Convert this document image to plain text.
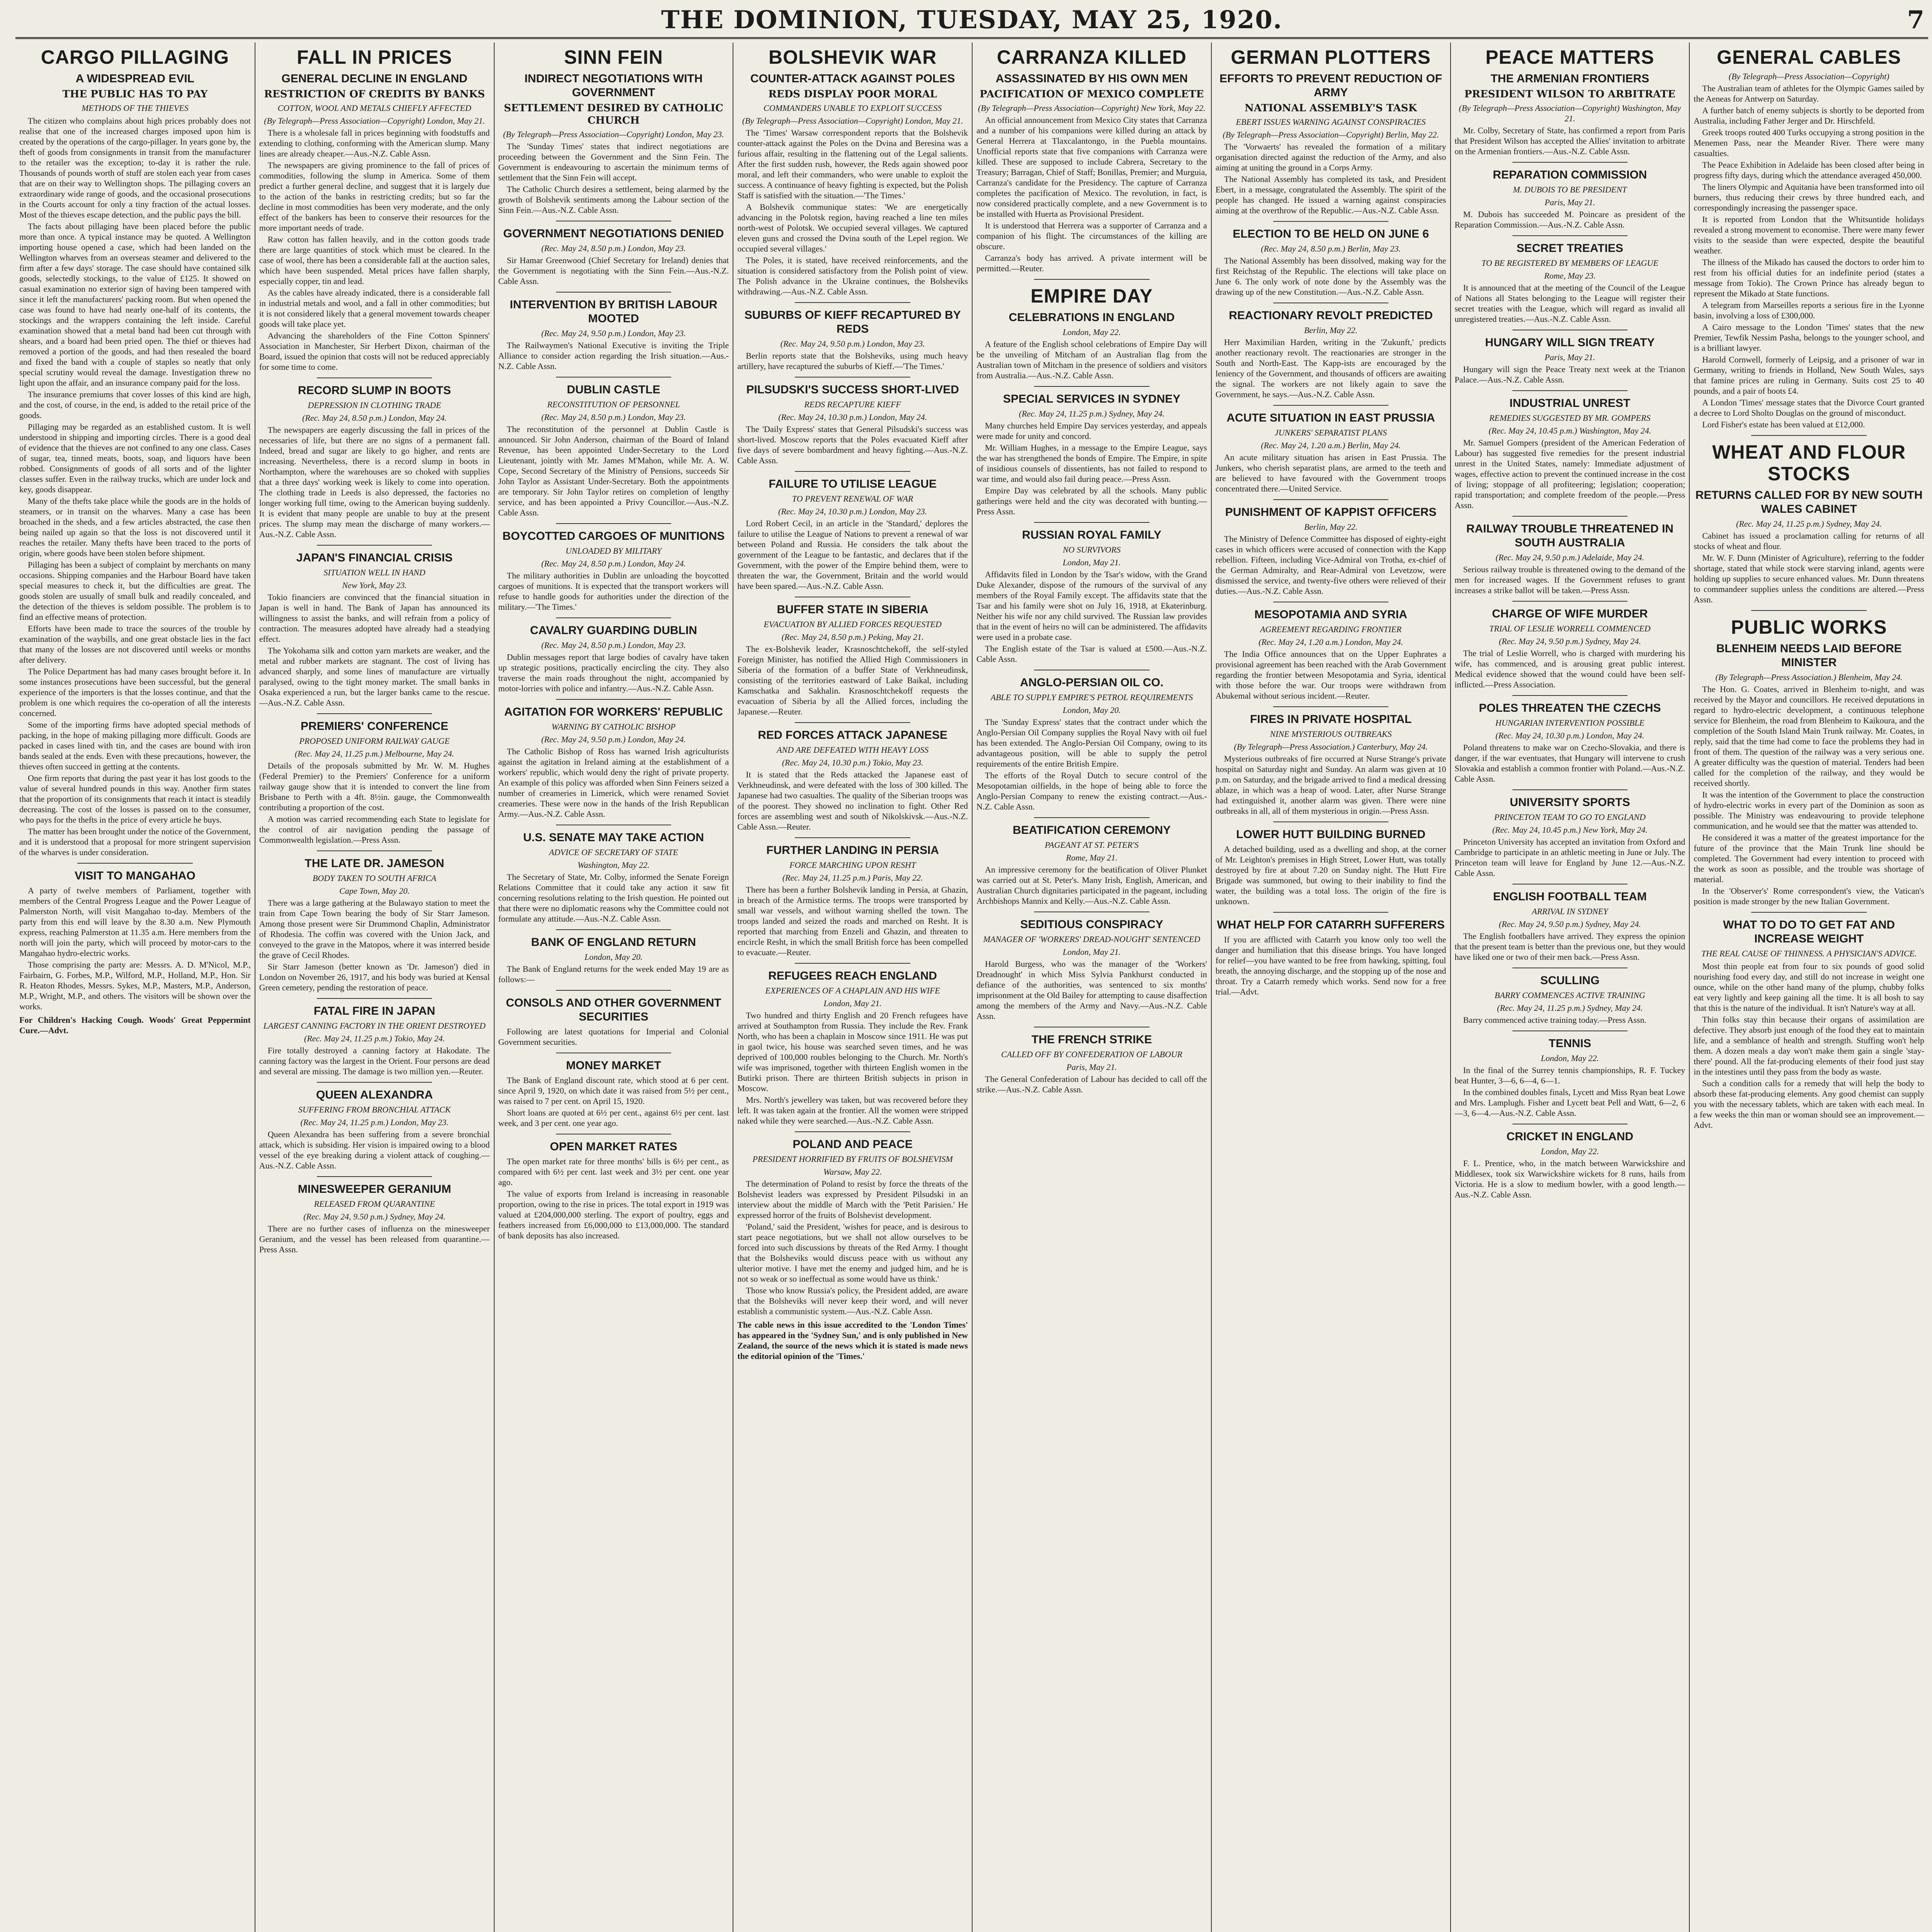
THE DOMINION, TUESDAY, MAY 25, 1920.	7
CARGO PILLAGING
A WIDESPREAD EVIL
THE PUBLIC HAS TO PAY
METHODS OF THE THIEVES

The citizen who complains about high prices probably does not realise that one of the increased charges imposed upon him is created by the operations of the cargo-pillager. In years gone by, the theft of goods from consignments in transit from the manufacturer to the retailer was the exception; to-day it is rather the rule. Thousands of pounds worth of stuff are stolen each year from cases that are on their way to Wellington shops. The pillaging covers an extraordinary wide range of goods, and the occasional prosecutions in the Courts account for only a tiny fraction of the actual losses. Most of the thieves escape detection, and the public pays the bill.

The facts about pillaging have been placed before the public more than once. A typical instance may be quoted. A Wellington importing house opened a case, which had been landed on the Wellington wharves from an overseas steamer and delivered to the firm after a few days' storage. The case should have contained silk goods, selectedly stockings, to the value of £125. It showed on casual examination no exterior sign of having been tampered with since it left the manufacturers' packing room. But when opened the case was found to have had nearly one-half of its contents, the stockings and the wrappers containing the left inside. Careful examination showed that a metal band had been cut through with shears, and a board had been pried open. The thief or thieves had removed a portion of the goods, and had then resealed the board and fixed the band with a couple of staples so neatly that only special scrutiny would reveal the damage. Investigation threw no light upon the affair, and an insurance company paid for the loss.

The insurance premiums that cover losses of this kind are high, and the cost, of course, in the end, is added to the retail price of the goods.

Pillaging may be regarded as an established custom. It is well understood in shipping and importing circles. There is a good deal of evidence that the thieves are not confined to any one class. Cases of sugar, tea, tinned meats, boots, soap, and liquors have been robbed. Consignments of goods of all sorts and of the lighter classes suffer. Even in the railway trucks, which are under lock and key, goods disappear.

Many of the thefts take place while the goods are in the holds of steamers, or in transit on the wharves. Many a case has been broached in the sheds, and a few articles abstracted, the case then being nailed up again so that the loss is not discovered until it reaches the retailer. Many thefts have been traced to the ports of origin, where goods have been stolen before shipment.

Pillaging has been a subject of complaint by merchants on many occasions. Shipping companies and the Harbour Board have taken special measures to check it, but the difficulties are great. The goods stolen are usually of small bulk and readily concealed, and the detection of the thieves is seldom possible. The problem is to find an effective means of protection.

Efforts have been made to trace the sources of the trouble by examination of the waybills, and one great obstacle lies in the fact that many of the losses are not discovered until weeks or months after delivery.

The Police Department has had many cases brought before it. In some instances prosecutions have been successful, but the general experience of the importers is that the losses continue, and that the problem is one which requires the co-operation of all the interests concerned.

Some of the importing firms have adopted special methods of packing, in the hope of making pillaging more difficult. Goods are packed in cases lined with tin, and the cases are bound with iron bands sealed at the ends. Even with these precautions, however, the thieves often succeed in getting at the contents.

One firm reports that during the past year it has lost goods to the value of several hundred pounds in this way. Another firm states that the proportion of its consignments that reach it intact is steadily decreasing. The cost of the losses is passed on to the consumer, who pays for the thefts in the price of every article he buys.

The matter has been brought under the notice of the Government, and it is understood that a proposal for more stringent supervision of the wharves is under consideration.

VISIT TO MANGAHAO

A party of twelve members of Parliament, together with members of the Central Progress League and the Power League of Palmerston North, will visit Mangahao to-day. Members of the party from this end will leave by the 8.30 a.m. New Plymouth express, reaching Palmerston at 11.35 a.m. Here members from the north will join the party, which will proceed by motor-cars to the Mangahao hydro-electric works.

Those comprising the party are: Messrs. A. D. M'Nicol, M.P., Fairbairn, G. Forbes, M.P., Wilford, M.P., Holland, M.P., Hon. Sir R. Heaton Rhodes, Messrs. Sykes, M.P., Masters, M.P., Anderson, M.P., Wright, M.P., and others. The visitors will be shown over the works.

For Children's Hacking Cough. Woods' Great Peppermint Cure.—Advt.
FALL IN PRICES
GENERAL DECLINE IN ENGLAND
RESTRICTION OF CREDITS BY BANKS
COTTON, WOOL AND METALS CHIEFLY AFFECTED
(By Telegraph—Press Association—Copyright) London, May 21.

There is a wholesale fall in prices beginning with foodstuffs and extending to clothing, conforming with the American slump. Many lines are already cheaper.—Aus.-N.Z. Cable Assn.

The newspapers are giving prominence to the fall of prices of commodities, following the slump in America. Some of them predict a further general decline, and suggest that it is largely due to the action of the banks in restricting credits; but so far the decline in most commodities has been very moderate, and the only effect of the bankers has been to conserve their resources for the more important needs of trade.

Raw cotton has fallen heavily, and in the cotton goods trade there are large quantities of stock which must be cleared. In the case of wool, there has been a considerable fall at the auction sales, which have been suspended. Metal prices have fallen sharply, especially copper, tin and lead.

As the cables have already indicated, there is a considerable fall in industrial metals and wool, and a fall in other commodities; but it is not considered likely that a general movement towards cheaper goods will take place yet.

Advancing the shareholders of the Fine Cotton Spinners' Association in Manchester, Sir Herbert Dixon, chairman of the Board, issued the opinion that costs will not be reduced appreciably for some time to come.

RECORD SLUMP IN BOOTS
DEPRESSION IN CLOTHING TRADE
(Rec. May 24, 8.50 p.m.) London, May 24.

The newspapers are eagerly discussing the fall in prices of the necessaries of life, but there are no signs of a permanent fall. Indeed, bread and sugar are likely to go higher, and rents are increasing. Nevertheless, there is a record slump in boots in Northampton, where the warehouses are so choked with supplies that a three days' working week is likely to come into operation. The clothing trade in Leeds is also depressed, the factories no longer working full time, owing to the American buying suddenly. It is evident that many people are unable to buy at the present prices. The slump may mean the discharge of many workers.—Aus.-N.Z. Cable Assn.

JAPAN'S FINANCIAL CRISIS
SITUATION WELL IN HAND
New York, May 23.

Tokio financiers are convinced that the financial situation in Japan is well in hand. The Bank of Japan has announced its willingness to assist the banks, and will refrain from a policy of contraction. The measures adopted have already had a steadying effect.

The Yokohama silk and cotton yarn markets are weaker, and the metal and rubber markets are stagnant. The cost of living has advanced sharply, and some lines of manufacture are virtually paralysed, owing to the tight money market. The small banks in Osaka experienced a run, but the larger banks came to the rescue.—Aus.-N.Z. Cable Assn.

PREMIERS' CONFERENCE
PROPOSED UNIFORM RAILWAY GAUGE
(Rec. May 24, 11.25 p.m.) Melbourne, May 24.

Details of the proposals submitted by Mr. W. M. Hughes (Federal Premier) to the Premiers' Conference for a uniform railway gauge show that it is intended to convert the line from Brisbane to Perth with a 4ft. 8½in. gauge, the Commonwealth contributing a proportion of the cost.

A motion was carried recommending each State to legislate for the control of air navigation pending the passage of Commonwealth legislation.—Press Assn.

THE LATE DR. JAMESON
BODY TAKEN TO SOUTH AFRICA
Cape Town, May 20.

There was a large gathering at the Bulawayo station to meet the train from Cape Town bearing the body of Sir Starr Jameson. Among those present were Sir Drummond Chaplin, Administrator of Rhodesia. The coffin was covered with the Union Jack, and conveyed to the grave in the Matopos, where it was interred beside the grave of Cecil Rhodes.

Sir Starr Jameson (better known as 'Dr. Jameson') died in London on November 26, 1917, and his body was buried at Kensal Green cemetery, pending the restoration of peace.

FATAL FIRE IN JAPAN
LARGEST CANNING FACTORY IN THE ORIENT DESTROYED
(Rec. May 24, 11.25 p.m.) Tokio, May 24.

Fire totally destroyed a canning factory at Hakodate. The canning factory was the largest in the Orient. Four persons are dead and several are missing. The damage is two million yen.—Reuter.

QUEEN ALEXANDRA
SUFFERING FROM BRONCHIAL ATTACK
(Rec. May 24, 11.25 p.m.) London, May 23.

Queen Alexandra has been suffering from a severe bronchial attack, which is subsiding. Her vision is impaired owing to a blood vessel of the eye breaking during a violent attack of coughing.—Aus.-N.Z. Cable Assn.

MINESWEEPER GERANIUM
RELEASED FROM QUARANTINE
(Rec. May 24, 9.50 p.m.) Sydney, May 24.

There are no further cases of influenza on the minesweeper Geranium, and the vessel has been released from quarantine.—Press Assn.

SINN FEIN
INDIRECT NEGOTIATIONS WITH GOVERNMENT
SETTLEMENT DESIRED BY CATHOLIC CHURCH
(By Telegraph—Press Association—Copyright) London, May 23.

The 'Sunday Times' states that indirect negotiations are proceeding between the Government and the Sinn Fein. The Government is endeavouring to ascertain the minimum terms of settlement that the Sinn Fein will accept.

The Catholic Church desires a settlement, being alarmed by the growth of Bolshevik sentiments among the Labour section of the Sinn Fein.—Aus.-N.Z. Cable Assn.

GOVERNMENT NEGOTIATIONS DENIED
(Rec. May 24, 8.50 p.m.) London, May 23.

Sir Hamar Greenwood (Chief Secretary for Ireland) denies that the Government is negotiating with the Sinn Fein.—Aus.-N.Z. Cable Assn.

INTERVENTION BY BRITISH LABOUR MOOTED
(Rec. May 24, 9.50 p.m.) London, May 23.

The Railwaymen's National Executive is inviting the Triple Alliance to consider action regarding the Irish situation.—Aus.-N.Z. Cable Assn.

DUBLIN CASTLE
RECONSTITUTION OF PERSONNEL
(Rec. May 24, 8.50 p.m.) London, May 23.

The reconstitution of the personnel at Dublin Castle is announced. Sir John Anderson, chairman of the Board of Inland Revenue, has been appointed Under-Secretary to the Lord Lieutenant, jointly with Mr. James M'Mahon, while Mr. A. W. Cope, Second Secretary of the Ministry of Pensions, succeeds Sir John Taylor as Assistant Under-Secretary. Both the appointments are temporary. Sir John Taylor retires on completion of lengthy service, and has been appointed a Privy Councillor.—Aus.-N.Z. Cable Assn.

BOYCOTTED CARGOES OF MUNITIONS
UNLOADED BY MILITARY
(Rec. May 24, 8.50 p.m.) London, May 24.

The military authorities in Dublin are unloading the boycotted cargoes of munitions. It is expected that the transport workers will refuse to handle goods for authorities under the direction of the military.—'The Times.'

CAVALRY GUARDING DUBLIN
(Rec. May 24, 8.50 p.m.) London, May 23.

Dublin messages report that large bodies of cavalry have taken up strategic positions, practically encircling the city. They also traverse the main roads throughout the night, accompanied by motor-lorries with police and infantry.—Aus.-N.Z. Cable Assn.

AGITATION FOR WORKERS' REPUBLIC
WARNING BY CATHOLIC BISHOP
(Rec. May 24, 9.50 p.m.) London, May 24.

The Catholic Bishop of Ross has warned Irish agriculturists against the agitation in Ireland aiming at the establishment of a workers' republic, which would deny the right of private property. An example of this policy was afforded when Sinn Feiners seized a number of creameries in Limerick, which were renamed Soviet creameries. These were now in the hands of the Irish Republican Army.—Aus.-N.Z. Cable Assn.

U.S. SENATE MAY TAKE ACTION
ADVICE OF SECRETARY OF STATE
Washington, May 22.

The Secretary of State, Mr. Colby, informed the Senate Foreign Relations Committee that it could take any action it saw fit concerning resolutions relating to the Irish question. He pointed out that there were no diplomatic reasons why the Committee could not formulate any attitude.—Aus.-N.Z. Cable Assn.

BANK OF ENGLAND RETURN
London, May 20.

The Bank of England returns for the week ended May 19 are as follows:—

CONSOLS AND OTHER GOVERNMENT SECURITIES

Following are latest quotations for Imperial and Colonial Government securities.

MONEY MARKET

The Bank of England discount rate, which stood at 6 per cent. since April 9, 1920, on which date it was raised from 5½ per cent., was raised to 7 per cent. on April 15, 1920.

Short loans are quoted at 6½ per cent., against 6½ per cent. last week, and 3 per cent. one year ago.

OPEN MARKET RATES

The open market rate for three months' bills is 6½ per cent., as compared with 6½ per cent. last week and 3½ per cent. one year ago.

The value of exports from Ireland is increasing in reasonable proportion, owing to the rise in prices. The total export in 1919 was valued at £204,000,000 sterling. The export of poultry, eggs and feathers increased from £6,000,000 to £13,000,000. The standard of bank deposits has also increased.

BOLSHEVIK WAR
COUNTER-ATTACK AGAINST POLES
REDS DISPLAY POOR MORAL
COMMANDERS UNABLE TO EXPLOIT SUCCESS
(By Telegraph—Press Association—Copyright) London, May 21.

The 'Times' Warsaw correspondent reports that the Bolshevik counter-attack against the Poles on the Dvina and Beresina was a furious affair, resulting in the flattening out of the Legal salients. After the first sudden rush, however, the Reds again showed poor moral, and left their commanders, who were unable to exploit the success. A continuance of heavy fighting is expected, but the Polish Staff is satisfied with the situation.—'The Times.'

A Bolshevik communique states: 'We are energetically advancing in the Polotsk region, having reached a line ten miles north-west of Polotsk. We occupied several villages. We captured eleven guns and crossed the Dvina south of the Lepel region. We occupied several villages.'

The Poles, it is stated, have received reinforcements, and the situation is considered satisfactory from the Polish point of view. The Polish advance in the Ukraine continues, the Bolsheviks withdrawing.—Aus.-N.Z. Cable Assn.

SUBURBS OF KIEFF RECAPTURED BY REDS
(Rec. May 24, 9.50 p.m.) London, May 23.

Berlin reports state that the Bolsheviks, using much heavy artillery, have recaptured the suburbs of Kieff.—'The Times.'

PILSUDSKI'S SUCCESS SHORT-LIVED
REDS RECAPTURE KIEFF
(Rec. May 24, 10.30 p.m.) London, May 24.

The 'Daily Express' states that General Pilsudski's success was short-lived. Moscow reports that the Poles evacuated Kieff after five days of severe bombardment and heavy fighting.—Aus.-N.Z. Cable Assn.

FAILURE TO UTILISE LEAGUE
TO PREVENT RENEWAL OF WAR
(Rec. May 24, 10.30 p.m.) London, May 23.

Lord Robert Cecil, in an article in the 'Standard,' deplores the failure to utilise the League of Nations to prevent a renewal of war between Poland and Russia. He considers the talk about the government of the League to be fantastic, and declares that if the Government, with the power of the Empire behind them, were to threaten the war, the Government, Britain and the world would have been spared.—Aus.-N.Z. Cable Assn.

BUFFER STATE IN SIBERIA
EVACUATION BY ALLIED FORCES REQUESTED
(Rec. May 24, 8.50 p.m.) Peking, May 21.

The ex-Bolshevik leader, Krasnoschtchekoff, the self-styled Foreign Minister, has notified the Allied High Commissioners in Siberia of the formation of a buffer State of Verkhneudinsk, consisting of the territories eastward of Lake Baikal, including Kamschatka and Sakhalin. Krasnoschtchekoff requests the evacuation of Siberia by all the Allied forces, including the Japanese.—Reuter.

RED FORCES ATTACK JAPANESE
AND ARE DEFEATED WITH HEAVY LOSS
(Rec. May 24, 10.30 p.m.) Tokio, May 23.

It is stated that the Reds attacked the Japanese east of Verkhneudinsk, and were defeated with the loss of 300 killed. The Japanese had two casualties. The quality of the Siberian troops was of the poorest. They showed no inclination to fight. Other Red forces are assembling west and south of Nikolskivsk.—Aus.-N.Z. Cable Assn.—Reuter.

FURTHER LANDING IN PERSIA
FORCE MARCHING UPON RESHT
(Rec. May 24, 11.25 p.m.) Paris, May 22.

There has been a further Bolshevik landing in Persia, at Ghazin, in breach of the Armistice terms. The troops were transported by small war vessels, and without warning shelled the town. The troops landed and seized the roads and marched on Resht. It is reported that marching from Enzeli and Ghazin, and threaten to encircle Resht, in which the small British force has been compelled to evacuate.—Reuter.

REFUGEES REACH ENGLAND
EXPERIENCES OF A CHAPLAIN AND HIS WIFE
London, May 21.

Two hundred and thirty English and 20 French refugees have arrived at Southampton from Russia. They include the Rev. Frank North, who has been a chaplain in Moscow since 1911. He was put in gaol twice, his house was searched seven times, and he was deprived of 100,000 roubles belonging to the Church. Mr. North's wife was imprisoned, together with thirteen English women in the Butirki prison. There are thirteen British subjects in prison in Moscow.

Mrs. North's jewellery was taken, but was recovered before they left. It was taken again at the frontier. All the women were stripped naked while they were searched.—Aus.-N.Z. Cable Assn.

POLAND AND PEACE
PRESIDENT HORRIFIED BY FRUITS OF BOLSHEVISM
Warsaw, May 22.

The determination of Poland to resist by force the threats of the Bolshevist leaders was expressed by President Pilsudski in an interview about the middle of March with the 'Petit Parisien.' He expressed horror of the fruits of Bolshevist development.

'Poland,' said the President, 'wishes for peace, and is desirous to start peace negotiations, but we shall not allow ourselves to be forced into such discussions by threats of the Red Army. I thought that the Bolsheviks would discuss peace with us without any ulterior motive. I have met the enemy and judged him, and he is not so weak or so ineffectual as some would have us think.'

Those who know Russia's policy, the President added, are aware that the Bolsheviks will never keep their word, and will never establish a communistic system.—Aus.-N.Z. Cable Assn.

The cable news in this issue accredited to the 'London Times' has appeared in the 'Sydney Sun,' and is only published in New Zealand, the source of the news which it is stated is made news the editorial opinion of the 'Times.'
CARRANZA KILLED
ASSASSINATED BY HIS OWN MEN
PACIFICATION OF MEXICO COMPLETE
(By Telegraph—Press Association—Copyright) New York, May 22.

An official announcement from Mexico City states that Carranza and a number of his companions were killed during an attack by General Herrera at Tlaxcalantongo, in the Puebla mountains. Unofficial reports state that five companions with Carranza were killed. These are supposed to include Cabrera, Secretary to the Treasury; Barragan, Chief of Staff; Bonillas, Premier; and Murguia, Carranza's candidate for the Presidency. The capture of Carranza completes the pacification of Mexico. The revolution, in fact, is now considered practically complete, and a new Government is to be installed with Huerta as Provisional President.

It is understood that Herrera was a supporter of Carranza and a companion of his flight. The circumstances of the killing are obscure.

Carranza's body has arrived. A private interment will be permitted.—Reuter.

EMPIRE DAY
CELEBRATIONS IN ENGLAND
London, May 22.

A feature of the English school celebrations of Empire Day will be the unveiling of Mitcham of an Australian flag from the Australian town of Mitcham in the presence of soldiers and visitors from Australia.—Aus.-N.Z. Cable Assn.

SPECIAL SERVICES IN SYDNEY
(Rec. May 24, 11.25 p.m.) Sydney, May 24.

Many churches held Empire Day services yesterday, and appeals were made for unity and concord.

Mr. William Hughes, in a message to the Empire League, says the war has strengthened the bonds of Empire. The Empire, in spite of insidious counsels of dissentients, has not failed to respond to war time, and would also fail during peace.—Press Assn.

Empire Day was celebrated by all the schools. Many public gatherings were held and the city was decorated with bunting.—Press Assn.

RUSSIAN ROYAL FAMILY
NO SURVIVORS
London, May 21.

Affidavits filed in London by the Tsar's widow, with the Grand Duke Alexander, dispose of the rumours of the survival of any members of the Royal Family except. The affidavits state that the Tsar and his family were shot on July 16, 1918, at Ekaterinburg. Neither his wife nor any child survived. The Russian law provides that in the event of heirs no will can be administered. The affidavits were used in a probate case.

The English estate of the Tsar is valued at £500.—Aus.-N.Z. Cable Assn.

ANGLO-PERSIAN OIL CO.
ABLE TO SUPPLY EMPIRE'S PETROL REQUIREMENTS
London, May 20.

The 'Sunday Express' states that the contract under which the Anglo-Persian Oil Company supplies the Royal Navy with oil fuel has been extended. The Anglo-Persian Oil Company, owing to its advantageous position, will be able to supply the petrol requirements of the entire British Empire.

The efforts of the Royal Dutch to secure control of the Mesopotamian oilfields, in the hope of being able to force the Anglo-Persian Company to renew the existing contract.—Aus.-N.Z. Cable Assn.

BEATIFICATION CEREMONY
PAGEANT AT ST. PETER'S
Rome, May 21.

An impressive ceremony for the beatification of Oliver Plunket was carried out at St. Peter's. Many Irish, English, American, and Australian Church dignitaries participated in the pageant, including Archbishops Mannix and Kelly.—Aus.-N.Z. Cable Assn.

SEDITIOUS CONSPIRACY
MANAGER OF 'WORKERS' DREAD-NOUGHT' SENTENCED
London, May 21.

Harold Burgess, who was the manager of the 'Workers' Dreadnought' in which Miss Sylvia Pankhurst conducted in defiance of the authorities, was sentenced to six months' imprisonment at the Old Bailey for attempting to cause disaffection among the members of the Army and Navy.—Aus.-N.Z. Cable Assn.

THE FRENCH STRIKE
CALLED OFF BY CONFEDERATION OF LABOUR
Paris, May 21.

The General Confederation of Labour has decided to call off the strike.—Aus.-N.Z. Cable Assn.

GERMAN PLOTTERS
EFFORTS TO PREVENT REDUCTION OF ARMY
NATIONAL ASSEMBLY'S TASK
EBERT ISSUES WARNING AGAINST CONSPIRACIES
(By Telegraph—Press Association—Copyright) Berlin, May 22.

The 'Vorwaerts' has revealed the formation of a military organisation directed against the reduction of the Army, and also aiming at uniting the ground in a Corps Army.

The National Assembly has completed its task, and President Ebert, in a message, congratulated the Assembly. The spirit of the people has changed. He issued a warning against conspiracies aiming at the overthrow of the Republic.—Aus.-N.Z. Cable Assn.

ELECTION TO BE HELD ON JUNE 6
(Rec. May 24, 8.50 p.m.) Berlin, May 23.

The National Assembly has been dissolved, making way for the first Reichstag of the Republic. The elections will take place on June 6. The only work of note done by the Assembly was the drawing up of the new Constitution.—Aus.-N.Z. Cable Assn.

REACTIONARY REVOLT PREDICTED
Berlin, May 22.

Herr Maximilian Harden, writing in the 'Zukunft,' predicts another reactionary revolt. The reactionaries are stronger in the South and North-East. The Kapp-ists are encouraged by the leniency of the Government, and thousands of officers are awaiting the signal. The workers are not likely again to save the Government, he says.—Aus.-N.Z. Cable Assn.

ACUTE SITUATION IN EAST PRUSSIA
JUNKERS' SEPARATIST PLANS
(Rec. May 24, 1.20 a.m.) Berlin, May 24.

An acute military situation has arisen in East Prussia. The Junkers, who cherish separatist plans, are armed to the teeth and are believed to have favoured with the Government troops concentrated there.—United Service.

PUNISHMENT OF KAPPIST OFFICERS
Berlin, May 22.

The Ministry of Defence Committee has disposed of eighty-eight cases in which officers were accused of connection with the Kapp rebellion. Fifteen, including Vice-Admiral von Trotha, ex-chief of the German Admiralty, and Rear-Admiral von Levetzow, were dismissed the service, and twenty-five others were relieved of their duties.—Aus.-N.Z. Cable Assn.

MESOPOTAMIA AND SYRIA
AGREEMENT REGARDING FRONTIER
(Rec. May 24, 1.20 a.m.) London, May 24.

The India Office announces that on the Upper Euphrates a provisional agreement has been reached with the Arab Government regarding the frontier between Mesopotamia and Syria, identical with those before the war. Our troops were withdrawn from Abukemal without serious incident.—Reuter.

FIRES IN PRIVATE HOSPITAL
NINE MYSTERIOUS OUTBREAKS
(By Telegraph—Press Association.) Canterbury, May 24.

Mysterious outbreaks of fire occurred at Nurse Strange's private hospital on Saturday night and Sunday. An alarm was given at 10 p.m. on Saturday, and the brigade arrived to find a medical dressing ablaze, in which was a heap of wood. Later, after Nurse Strange had extinguished it, another alarm was given. There were nine outbreaks in all, all of them mysterious in origin.—Press Assn.

LOWER HUTT BUILDING BURNED

A detached building, used as a dwelling and shop, at the corner of Mr. Leighton's premises in High Street, Lower Hutt, was totally destroyed by fire at about 7.20 on Sunday night. The Hutt Fire Brigade was summoned, but owing to their inability to find the water, the building was a total loss. The origin of the fire is unknown.

WHAT HELP FOR CATARRH SUFFERERS

If you are afflicted with Catarrh you know only too well the danger and humiliation that this disease brings. You have longed for relief—you have wanted to be free from hawking, spitting, foul breath, the annoying discharge, and the stopping up of the nose and throat. Try a Catarrh remedy which works. Send now for a free trial.—Advt.

PEACE MATTERS
THE ARMENIAN FRONTIERS
PRESIDENT WILSON TO ARBITRATE
(By Telegraph—Press Association—Copyright) Washington, May 21.

Mr. Colby, Secretary of State, has confirmed a report from Paris that President Wilson has accepted the Allies' invitation to arbitrate on the Armenian frontiers.—Aus.-N.Z. Cable Assn.

REPARATION COMMISSION
M. DUBOIS TO BE PRESIDENT
Paris, May 21.

M. Dubois has succeeded M. Poincare as president of the Reparation Commission.—Aus.-N.Z. Cable Assn.

SECRET TREATIES
TO BE REGISTERED BY MEMBERS OF LEAGUE
Rome, May 23.

It is announced that at the meeting of the Council of the League of Nations all States belonging to the League will register their secret treaties with the League, which will regard as invalid all unregistered treaties.—Aus.-N.Z. Cable Assn.

HUNGARY WILL SIGN TREATY
Paris, May 21.

Hungary will sign the Peace Treaty next week at the Trianon Palace.—Aus.-N.Z. Cable Assn.

INDUSTRIAL UNREST
REMEDIES SUGGESTED BY MR. GOMPERS
(Rec. May 24, 10.45 p.m.) Washington, May 24.

Mr. Samuel Gompers (president of the American Federation of Labour) has suggested five remedies for the present industrial unrest in the United States, namely: Immediate adjustment of wages, effective action to prevent the continued increase in the cost of living; stoppage of all profiteering; legislation; cooperation; rapid transportation; and complete freedom of the people.—Press Assn.

RAILWAY TROUBLE THREATENED IN SOUTH AUSTRALIA
(Rec. May 24, 9.50 p.m.) Adelaide, May 24.

Serious railway trouble is threatened owing to the demand of the men for increased wages. If the Government refuses to grant increases a strike ballot will be taken.—Press Assn.

CHARGE OF WIFE MURDER
TRIAL OF LESLIE WORRELL COMMENCED
(Rec. May 24, 9.50 p.m.) Sydney, May 24.

The trial of Leslie Worrell, who is charged with murdering his wife, has commenced, and is arousing great public interest. Medical evidence showed that the wound could have been self-inflicted.—Press Association.

POLES THREATEN THE CZECHS
HUNGARIAN INTERVENTION POSSIBLE
(Rec. May 24, 10.30 p.m.) London, May 24.

Poland threatens to make war on Czecho-Slovakia, and there is danger, if the war eventuates, that Hungary will intervene to crush Slovakia and establish a common frontier with Poland.—Aus.-N.Z. Cable Assn.

UNIVERSITY SPORTS
PRINCETON TEAM TO GO TO ENGLAND
(Rec. May 24, 10.45 p.m.) New York, May 24.

Princeton University has accepted an invitation from Oxford and Cambridge to participate in an athletic meeting in June or July. The Princeton team will leave for England by June 12.—Aus.-N.Z. Cable Assn.

ENGLISH FOOTBALL TEAM
ARRIVAL IN SYDNEY
(Rec. May 24, 9.50 p.m.) Sydney, May 24.

The English footballers have arrived. They express the opinion that the present team is better than the previous one, but they would have liked one or two of their men back.—Press Assn.

SCULLING
BARRY COMMENCES ACTIVE TRAINING
(Rec. May 24, 11.25 p.m.) Sydney, May 24.

Barry commenced active training today.—Press Assn.

TENNIS
London, May 22.

In the final of the Surrey tennis championships, R. F. Tuckey beat Hunter, 3—6, 6—4, 6—1.

In the combined doubles finals, Lycett and Miss Ryan beat Lowe and Mrs. Lamplugh. Fisher and Lycett beat Pell and Watt, 6—2, 6—3, 6—4.—Aus.-N.Z. Cable Assn.

CRICKET IN ENGLAND
London, May 22.

F. L. Prentice, who, in the match between Warwickshire and Middlesex, took six Warwickshire wickets for 8 runs, hails from Victoria. He is a slow to medium bowler, with a good length.—Aus.-N.Z. Cable Assn.

GENERAL CABLES
(By Telegraph—Press Association—Copyright)

The Australian team of athletes for the Olympic Games sailed by the Aeneas for Antwerp on Saturday.

A further batch of enemy subjects is shortly to be deported from Australia, including Father Jerger and Dr. Hirschfeld.

Greek troops routed 400 Turks occupying a strong position in the Menemen Pass, near the Meander River. There were many casualties.

The Peace Exhibition in Adelaide has been closed after being in progress fifty days, during which the attendance averaged 450,000.

The liners Olympic and Aquitania have been transformed into oil burners, thus reducing their crews by three hundred each, and correspondingly increasing the passenger space.

It is reported from London that the Whitsuntide holidays revealed a strong movement to economise. There were many fewer visits to the seaside than were expected, despite the beautiful weather.

The illness of the Mikado has caused the doctors to order him to rest from his official duties for an indefinite period (states a message from Tokio). The Crown Prince has already begun to represent the Mikado at State functions.

A telegram from Marseilles reports a serious fire in the Lyonne basin, involving a loss of £300,000.

A Cairo message to the London 'Times' states that the new Premier, Tewfik Nessim Pasha, belongs to the younger school, and is a brilliant lawyer.

Harold Cornwell, formerly of Leipsig, and a prisoner of war in Germany, writing to friends in Holland, New South Wales, says that famine prices are ruling in Germany. Suits cost 25 to 40 pounds, and a pair of boots £4.

A London 'Times' message states that the Divorce Court granted a decree to Lord Sholto Douglas on the ground of misconduct.

Lord Fisher's estate has been valued at £12,000.

WHEAT AND FLOUR STOCKS
RETURNS CALLED FOR BY NEW SOUTH WALES CABINET
(Rec. May 24, 11.25 p.m.) Sydney, May 24.

Cabinet has issued a proclamation calling for returns of all stocks of wheat and flour.

Mr. W. F. Dunn (Minister of Agriculture), referring to the fodder shortage, stated that while stock were starving inland, agents were holding up supplies to secure enhanced values. Mr. Dunn threatens to commandeer supplies unless the conditions are altered.—Press Assn.

PUBLIC WORKS
BLENHEIM NEEDS LAID BEFORE MINISTER
(By Telegraph—Press Association.) Blenheim, May 24.

The Hon. G. Coates, arrived in Blenheim to-night, and was received by the Mayor and councillors. He received deputations in regard to hydro-electric development, a continuous telephone service for Blenheim, the road from Blenheim to Kaikoura, and the completion of the South Island Main Trunk railway. Mr. Coates, in reply, said that the time had come to face the problems they had in front of them. The question of the railway was a very serious one. A greater difficulty was the question of material. Tenders had been called for the completion of the railway, and they would be received shortly.

It was the intention of the Government to place the construction of hydro-electric works in every part of the Dominion as soon as possible. The Ministry was endeavouring to provide telephone communication, and he would see that the matter was attended to.

He considered it was a matter of the greatest importance for the future of the province that the Main Trunk line should be completed. The Government had every intention to proceed with the work as soon as possible, and the trouble was shortage of material.

In the 'Observer's' Rome correspondent's view, the Vatican's position is made stronger by the new Italian Government.

WHAT TO DO TO GET FAT AND INCREASE WEIGHT
THE REAL CAUSE OF THINNESS. A PHYSICIAN'S ADVICE.

Most thin people eat from four to six pounds of good solid nourishing food every day, and still do not increase in weight one ounce, while on the other hand many of the plump, chubby folks eat very lightly and keep gaining all the time. It is all bosh to say that this is the nature of the individual. It isn't Nature's way at all.

Thin folks stay thin because their organs of assimilation are defective. They absorb just enough of the food they eat to maintain life, and a semblance of health and strength. Stuffing won't help them. A dozen meals a day won't make them gain a single 'stay-there' pound. All the fat-producing elements of their food just stay in the intestines until they pass from the body as waste.

Such a condition calls for a remedy that will help the body to absorb these fat-producing elements. Any good chemist can supply you with the necessary tablets, which are taken with each meal. In a few weeks the thin man or woman should see an improvement.—Advt.
